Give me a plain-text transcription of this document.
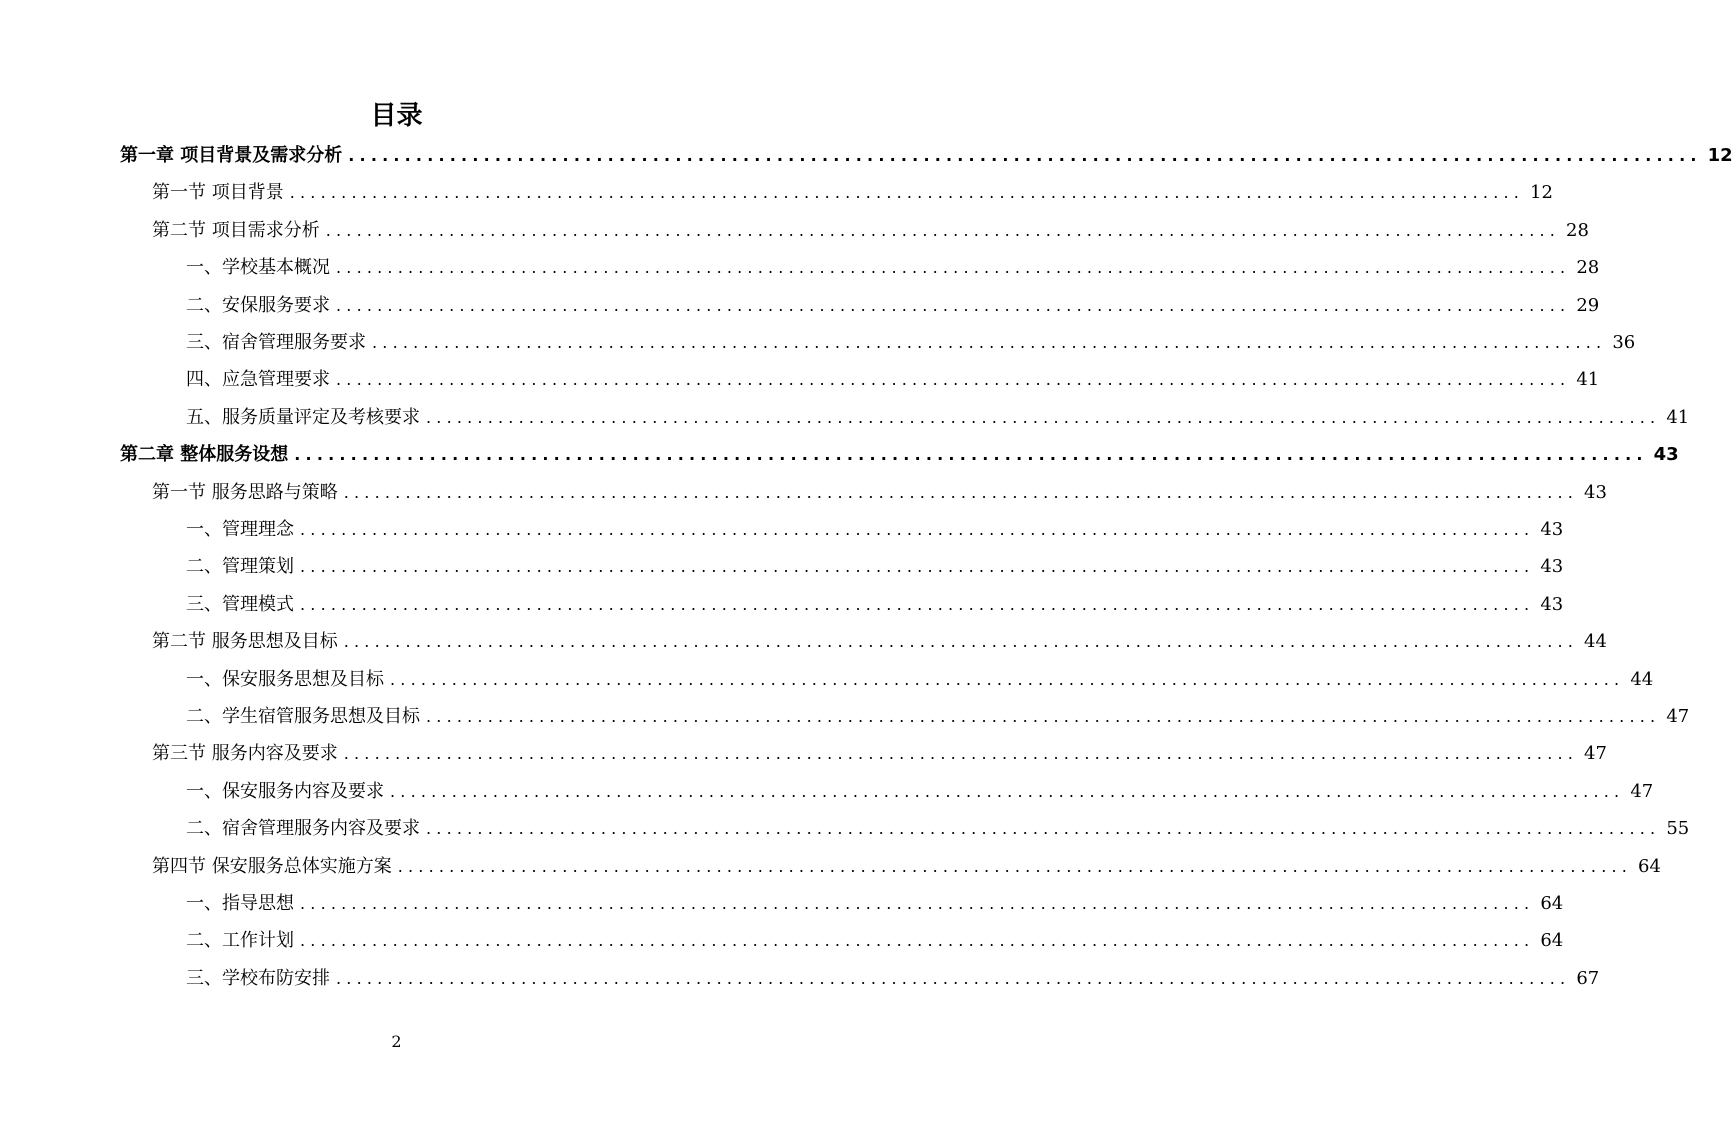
目录
第一章 项目背景及需求分析 ........................................................................................................................ 12
第一节 项目背景 ........................................................................................................................ 12
第二节 项目需求分析 ........................................................................................................................ 28
一、学校基本概况 ........................................................................................................................ 28
二、安保服务要求 ........................................................................................................................ 29
三、宿舍管理服务要求 ........................................................................................................................ 36
四、应急管理要求 ........................................................................................................................ 41
五、服务质量评定及考核要求 ........................................................................................................................ 41
第二章 整体服务设想 ........................................................................................................................ 43
第一节 服务思路与策略 ........................................................................................................................ 43
一、管理理念 ........................................................................................................................ 43
二、管理策划 ........................................................................................................................ 43
三、管理模式 ........................................................................................................................ 43
第二节 服务思想及目标 ........................................................................................................................ 44
一、保安服务思想及目标 ........................................................................................................................ 44
二、学生宿管服务思想及目标 ........................................................................................................................ 47
第三节 服务内容及要求 ........................................................................................................................ 47
一、保安服务内容及要求 ........................................................................................................................ 47
二、宿舍管理服务内容及要求 ........................................................................................................................ 55
第四节 保安服务总体实施方案 ........................................................................................................................ 64
一、指导思想 ........................................................................................................................ 64
二、工作计划 ........................................................................................................................ 64
三、学校布防安排 ........................................................................................................................ 67
2
